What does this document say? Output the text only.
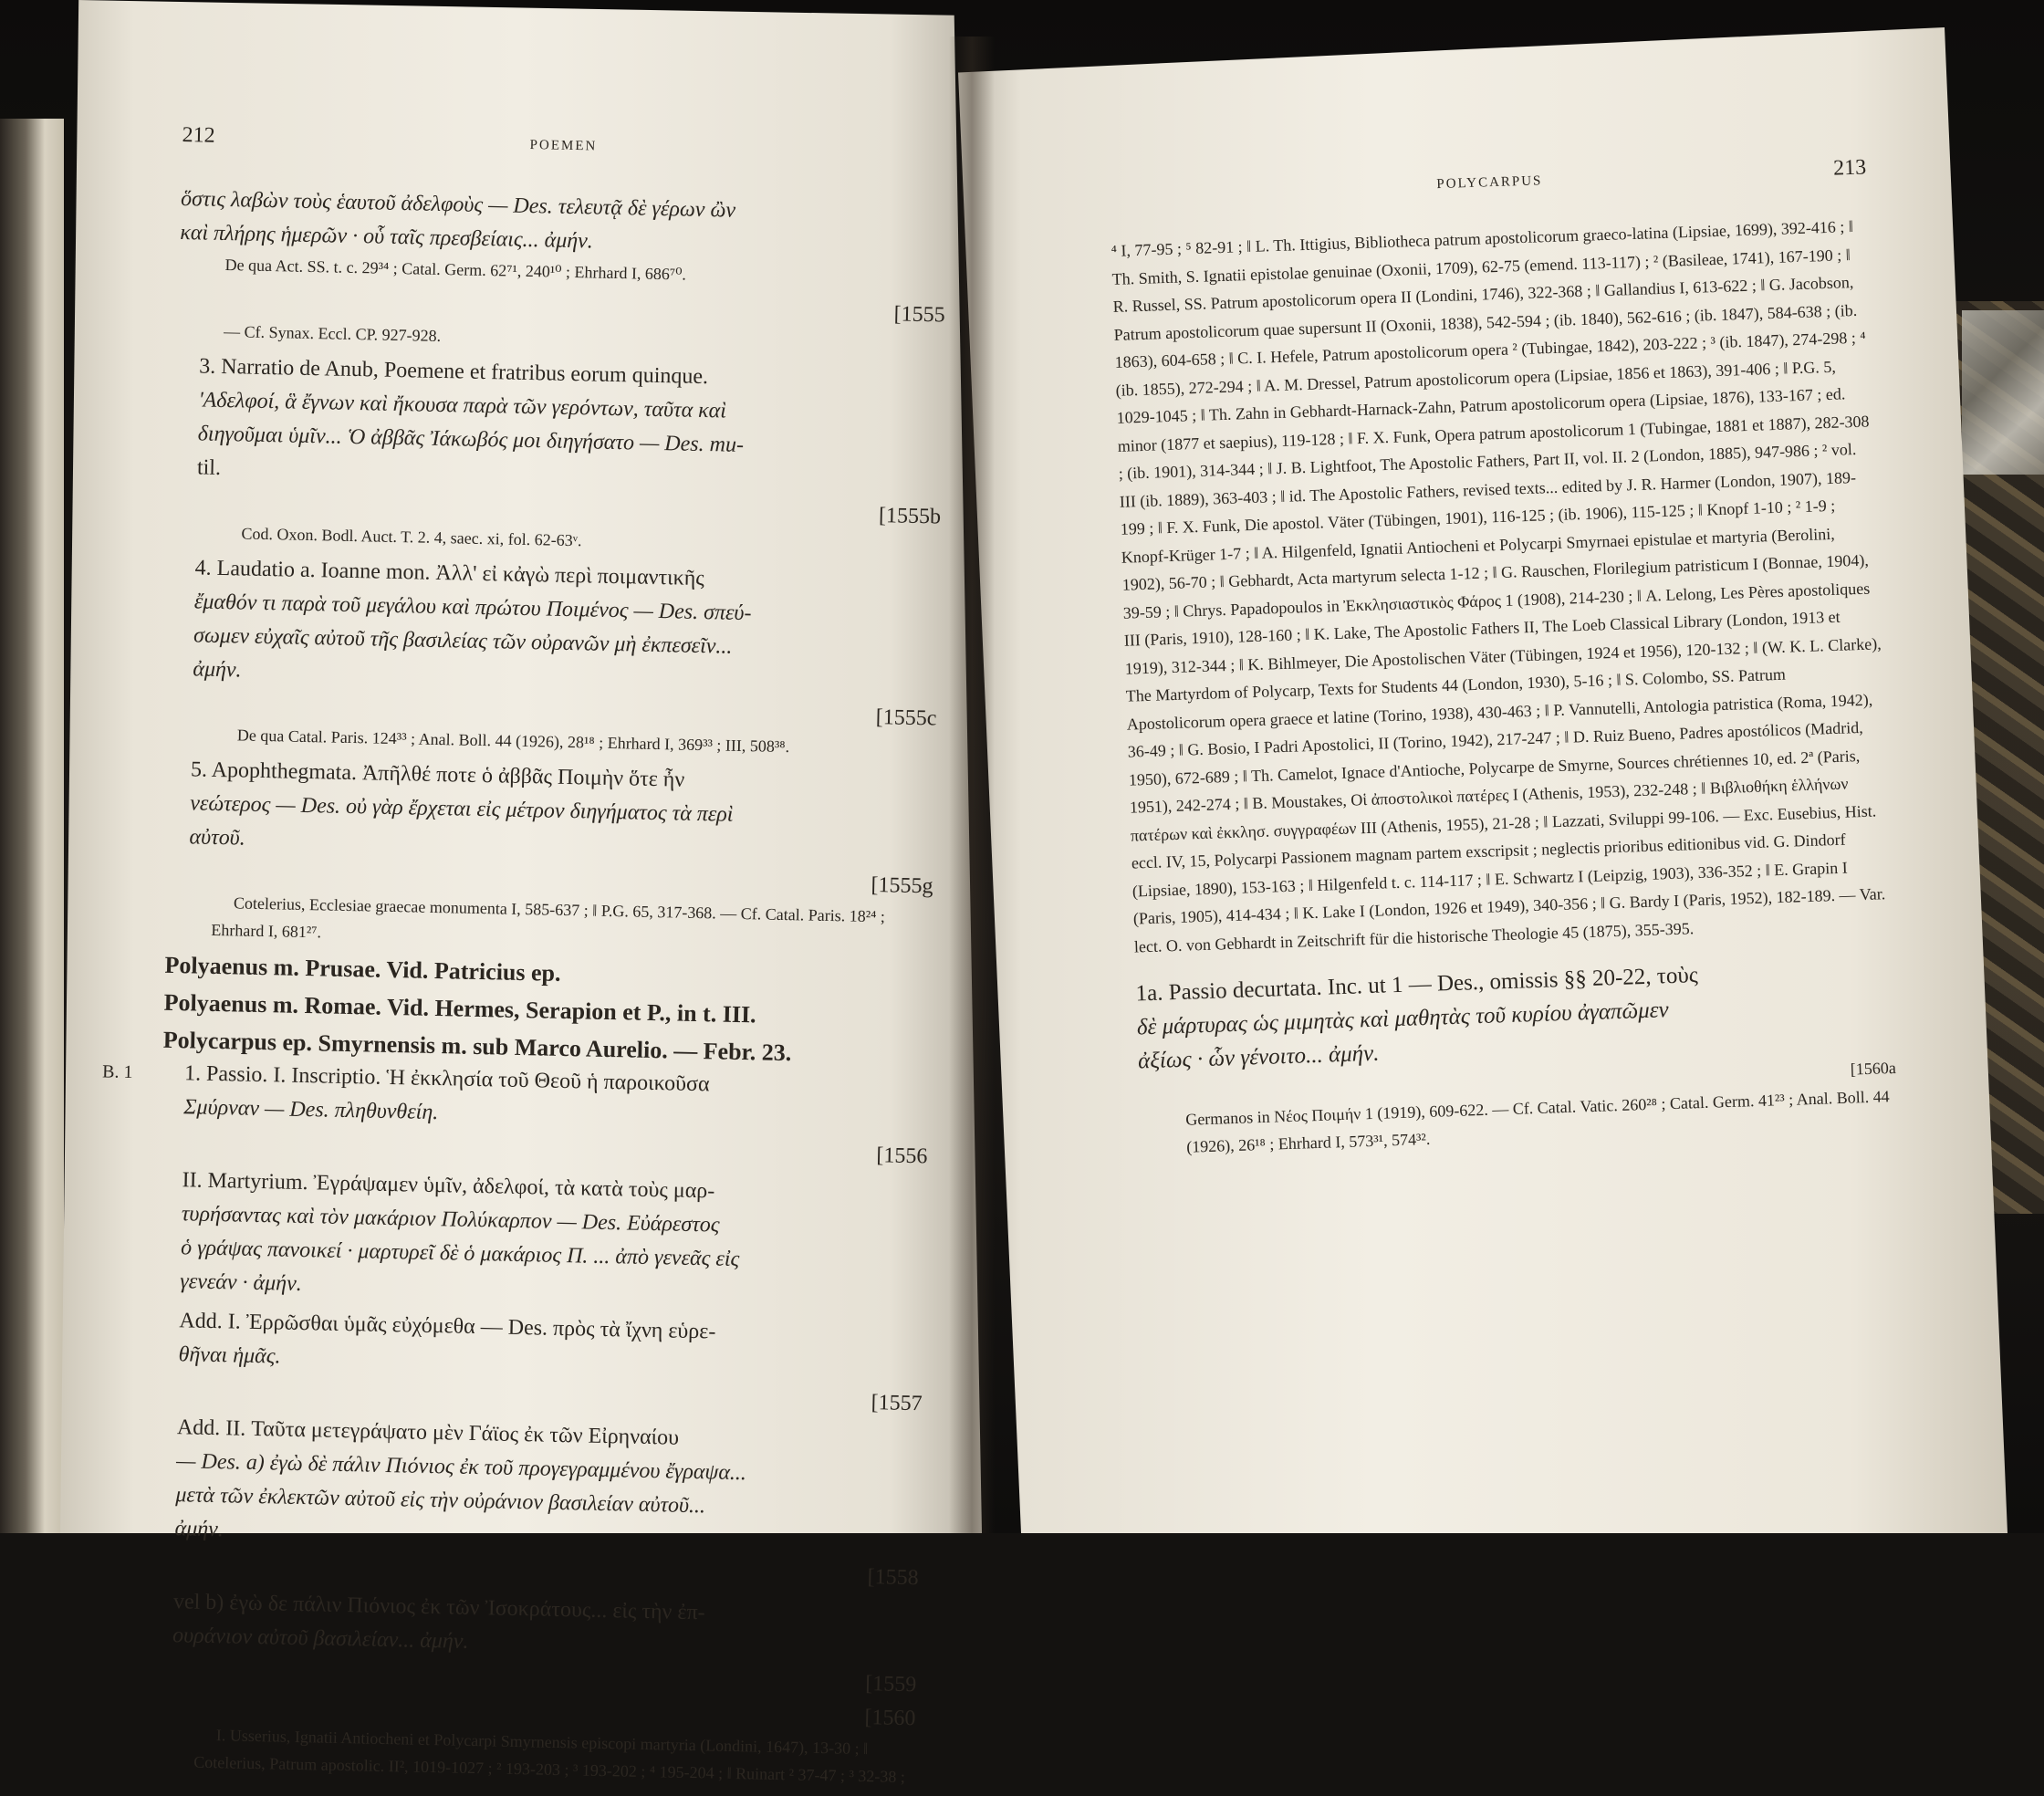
212	POEMEN

ὅστις λαβὼν τοὺς ἑαυτοῦ ἀδελφοὺς — Des. τελευτᾷ δὲ γέρων ὢν

καὶ πλήρης ἡμερῶν · οὗ ταῖς πρεσβείαις... ἀμήν.

De qua Act. SS. t. c. 29³⁴ ; Catal. Germ. 62⁷¹, 240¹⁰ ; Ehrhard I, 686⁷⁰.

[1555

— Cf. Synax. Eccl. CP. 927-928.

3. Narratio de Anub, Poemene et fratribus eorum quinque.

'Αδελφοί, ἃ ἔγνων καὶ ἤκουσα παρὰ τῶν γερόντων, ταῦτα καὶ

διηγοῦμαι ὑμῖν... Ὁ ἀββᾶς Ἰάκωβός μοι διηγήσατο — Des. mu-

til.

[1555b

Cod. Oxon. Bodl. Auct. T. 2. 4, saec. xi, fol. 62-63ᵛ.

4. Laudatio a. Ioanne mon. Ἀλλ' εἰ κἀγὼ περὶ ποιμαντικῆς

ἔμαθόν τι παρὰ τοῦ μεγάλου καὶ πρώτου Ποιμένος — Des. σπεύ-

σωμεν εὐχαῖς αὐτοῦ τῆς βασιλείας τῶν οὐρανῶν μὴ ἐκπεσεῖν...

ἀμήν.

[1555c

De qua Catal. Paris. 124³³ ; Anal. Boll. 44 (1926), 28¹⁸ ; Ehrhard I, 369³³ ; III, 508³⁸.

5. Apophthegmata. Ἀπῆλθέ ποτε ὁ ἀββᾶς Ποιμὴν ὅτε ἦν

νεώτερος — Des. οὐ γὰρ ἔρχεται εἰς μέτρον διηγήματος τὰ περὶ

αὐτοῦ.

[1555g

Cotelerius, Ecclesiae graecae monumenta I, 585-637 ; ‖ P.G. 65, 317-368. — Cf. Catal. Paris. 18²⁴ ; Ehrhard I, 681²⁷.

Polyaenus m. Prusae. Vid. Patricius ep.

Polyaenus m. Romae. Vid. Hermes, Serapion et P., in t. III.

Polycarpus ep. Smyrnensis m. sub Marco Aurelio. — Febr. 23.

B. 1	1. Passio. I. Inscriptio. Ἡ ἐκκλησία τοῦ Θεοῦ ἡ παροικοῦσα

Σμύρναν — Des. πληθυνθείη.

[1556

II. Martyrium. Ἐγράψαμεν ὑμῖν, ἀδελφοί, τὰ κατὰ τοὺς μαρ-

τυρήσαντας καὶ τὸν μακάριον Πολύκαρπον — Des. Εὐάρεστος

ὁ γράψας πανοικεί · μαρτυρεῖ δὲ ὁ μακάριος Π. ... ἀπὸ γενεᾶς εἰς

γενεάν · ἀμήν.

Add. I. Ἐρρῶσθαι ὑμᾶς εὐχόμεθα — Des. πρὸς τὰ ἴχνη εὑρε-

θῆναι ἡμᾶς.

[1557

Add. II. Ταῦτα μετεγράψατο μὲν Γάϊος ἐκ τῶν Εἰρηναίου

— Des. a) ἐγὼ δὲ πάλιν Πιόνιος ἐκ τοῦ προγεγραμμένου ἔγραψα...

μετὰ τῶν ἐκλεκτῶν αὐτοῦ εἰς τὴν οὐράνιον βασιλείαν αὐτοῦ...

ἀμήν.

[1558

vel b) ἐγὼ δε πάλιν Πιόνιος ἐκ τῶν Ἰσοκράτους... εἰς τὴν ἐπ-

ουράνιον αὐτοῦ βασιλείαν... ἀμήν.

[1559

[1560

I. Usserius, Ignatii Antiocheni et Polycarpi Smyrnensis episcopi martyria (Londini, 1647), 13-30 ; ‖ Cotelerius, Patrum apostolic. II², 1019-1027 ; ² 193-203 ; ³ 193-202 ; ⁴ 195-204 ; ‖ Ruinart ² 37-47 ; ³ 32-38 ;

POLYCARPUS
213

⁴ I, 77-95 ; ⁵ 82-91 ; ‖ L. Th. Ittigius, Bibliotheca patrum apostolicorum graeco-latina (Lipsiae, 1699), 392-416 ; ‖ Th. Smith, S. Ignatii epistolae genuinae (Oxonii, 1709), 62-75 (emend. 113-117) ; ² (Basileae, 1741), 167-190 ; ‖ R. Russel, SS. Patrum apostolicorum opera II (Londini, 1746), 322-368 ; ‖ Gallandius I, 613-622 ; ‖ G. Jacobson, Patrum apostolicorum quae supersunt II (Oxonii, 1838), 542-594 ; (ib. 1840), 562-616 ; (ib. 1847), 584-638 ; (ib. 1863), 604-658 ; ‖ C. I. Hefele, Patrum apostolicorum opera ² (Tubingae, 1842), 203-222 ; ³ (ib. 1847), 274-298 ; ⁴ (ib. 1855), 272-294 ; ‖ A. M. Dressel, Patrum apostolicorum opera (Lipsiae, 1856 et 1863), 391-406 ; ‖ P.G. 5, 1029-1045 ; ‖ Th. Zahn in Gebhardt-Harnack-Zahn, Patrum apostolicorum opera (Lipsiae, 1876), 133-167 ; ed. minor (1877 et saepius), 119-128 ; ‖ F. X. Funk, Opera patrum apostolicorum 1 (Tubingae, 1881 et 1887), 282-308 ; (ib. 1901), 314-344 ; ‖ J. B. Lightfoot, The Apostolic Fathers, Part II, vol. II. 2 (London, 1885), 947-986 ; ² vol. III (ib. 1889), 363-403 ; ‖ id. The Apostolic Fathers, revised texts... edited by J. R. Harmer (London, 1907), 189-199 ; ‖ F. X. Funk, Die apostol. Väter (Tübingen, 1901), 116-125 ; (ib. 1906), 115-125 ; ‖ Knopf 1-10 ; ² 1-9 ; Knopf-Krüger 1-7 ; ‖ A. Hilgenfeld, Ignatii Antiocheni et Polycarpi Smyrnaei epistulae et martyria (Berolini, 1902), 56-70 ; ‖ Gebhardt, Acta martyrum selecta 1-12 ; ‖ G. Rauschen, Florilegium patristicum I (Bonnae, 1904), 39-59 ; ‖ Chrys. Papadopoulos in Ἐκκλησιαστικὸς Φάρος 1 (1908), 214-230 ; ‖ A. Lelong, Les Pères apostoliques III (Paris, 1910), 128-160 ; ‖ K. Lake, The Apostolic Fathers II, The Loeb Classical Library (London, 1913 et 1919), 312-344 ; ‖ K. Bihlmeyer, Die Apostolischen Väter (Tübingen, 1924 et 1956), 120-132 ; ‖ (W. K. L. Clarke), The Martyrdom of Polycarp, Texts for Students 44 (London, 1930), 5-16 ; ‖ S. Colombo, SS. Patrum Apostolicorum opera graece et latine (Torino, 1938), 430-463 ; ‖ P. Vannutelli, Antologia patristica (Roma, 1942), 36-49 ; ‖ G. Bosio, I Padri Apostolici, II (Torino, 1942), 217-247 ; ‖ D. Ruiz Bueno, Padres apostólicos (Madrid, 1950), 672-689 ; ‖ Th. Camelot, Ignace d'Antioche, Polycarpe de Smyrne, Sources chrétiennes 10, ed. 2ª (Paris, 1951), 242-274 ; ‖ B. Moustakes, Οἱ ἀποστολικοὶ πατέρες I (Athenis, 1953), 232-248 ; ‖ Βιβλιοθήκη ἑλλήνων πατέρων καὶ ἐκκλησ. συγγραφέων III (Athenis, 1955), 21-28 ; ‖ Lazzati, Sviluppi 99-106. — Exc. Eusebius, Hist. eccl. IV, 15, Polycarpi Passionem magnam partem exscripsit ; neglectis prioribus editionibus vid. G. Dindorf (Lipsiae, 1890), 153-163 ; ‖ Hilgenfeld t. c. 114-117 ; ‖ E. Schwartz I (Leipzig, 1903), 336-352 ; ‖ E. Grapin I (Paris, 1905), 414-434 ; ‖ K. Lake I (London, 1926 et 1949), 340-356 ; ‖ G. Bardy I (Paris, 1952), 182-189. — Var. lect. O. von Gebhardt in Zeitschrift für die historische Theologie 45 (1875), 355-395.

1a. Passio decurtata. Inc. ut 1 — Des., omissis §§ 20-22, τοὺς

δὲ μάρτυρας ὡς μιμητὰς καὶ μαθητὰς τοῦ κυρίου ἀγαπῶμεν

ἀξίως · ὧν γένοιτο... ἀμήν.	[1560a

Germanos in Νέος Ποιμήν 1 (1919), 609-622. — Cf. Catal. Vatic. 260²⁸ ; Catal. Germ. 41²³ ; Anal. Boll. 44 (1926), 26¹⁸ ; Ehrhard I, 573³¹, 574³².
